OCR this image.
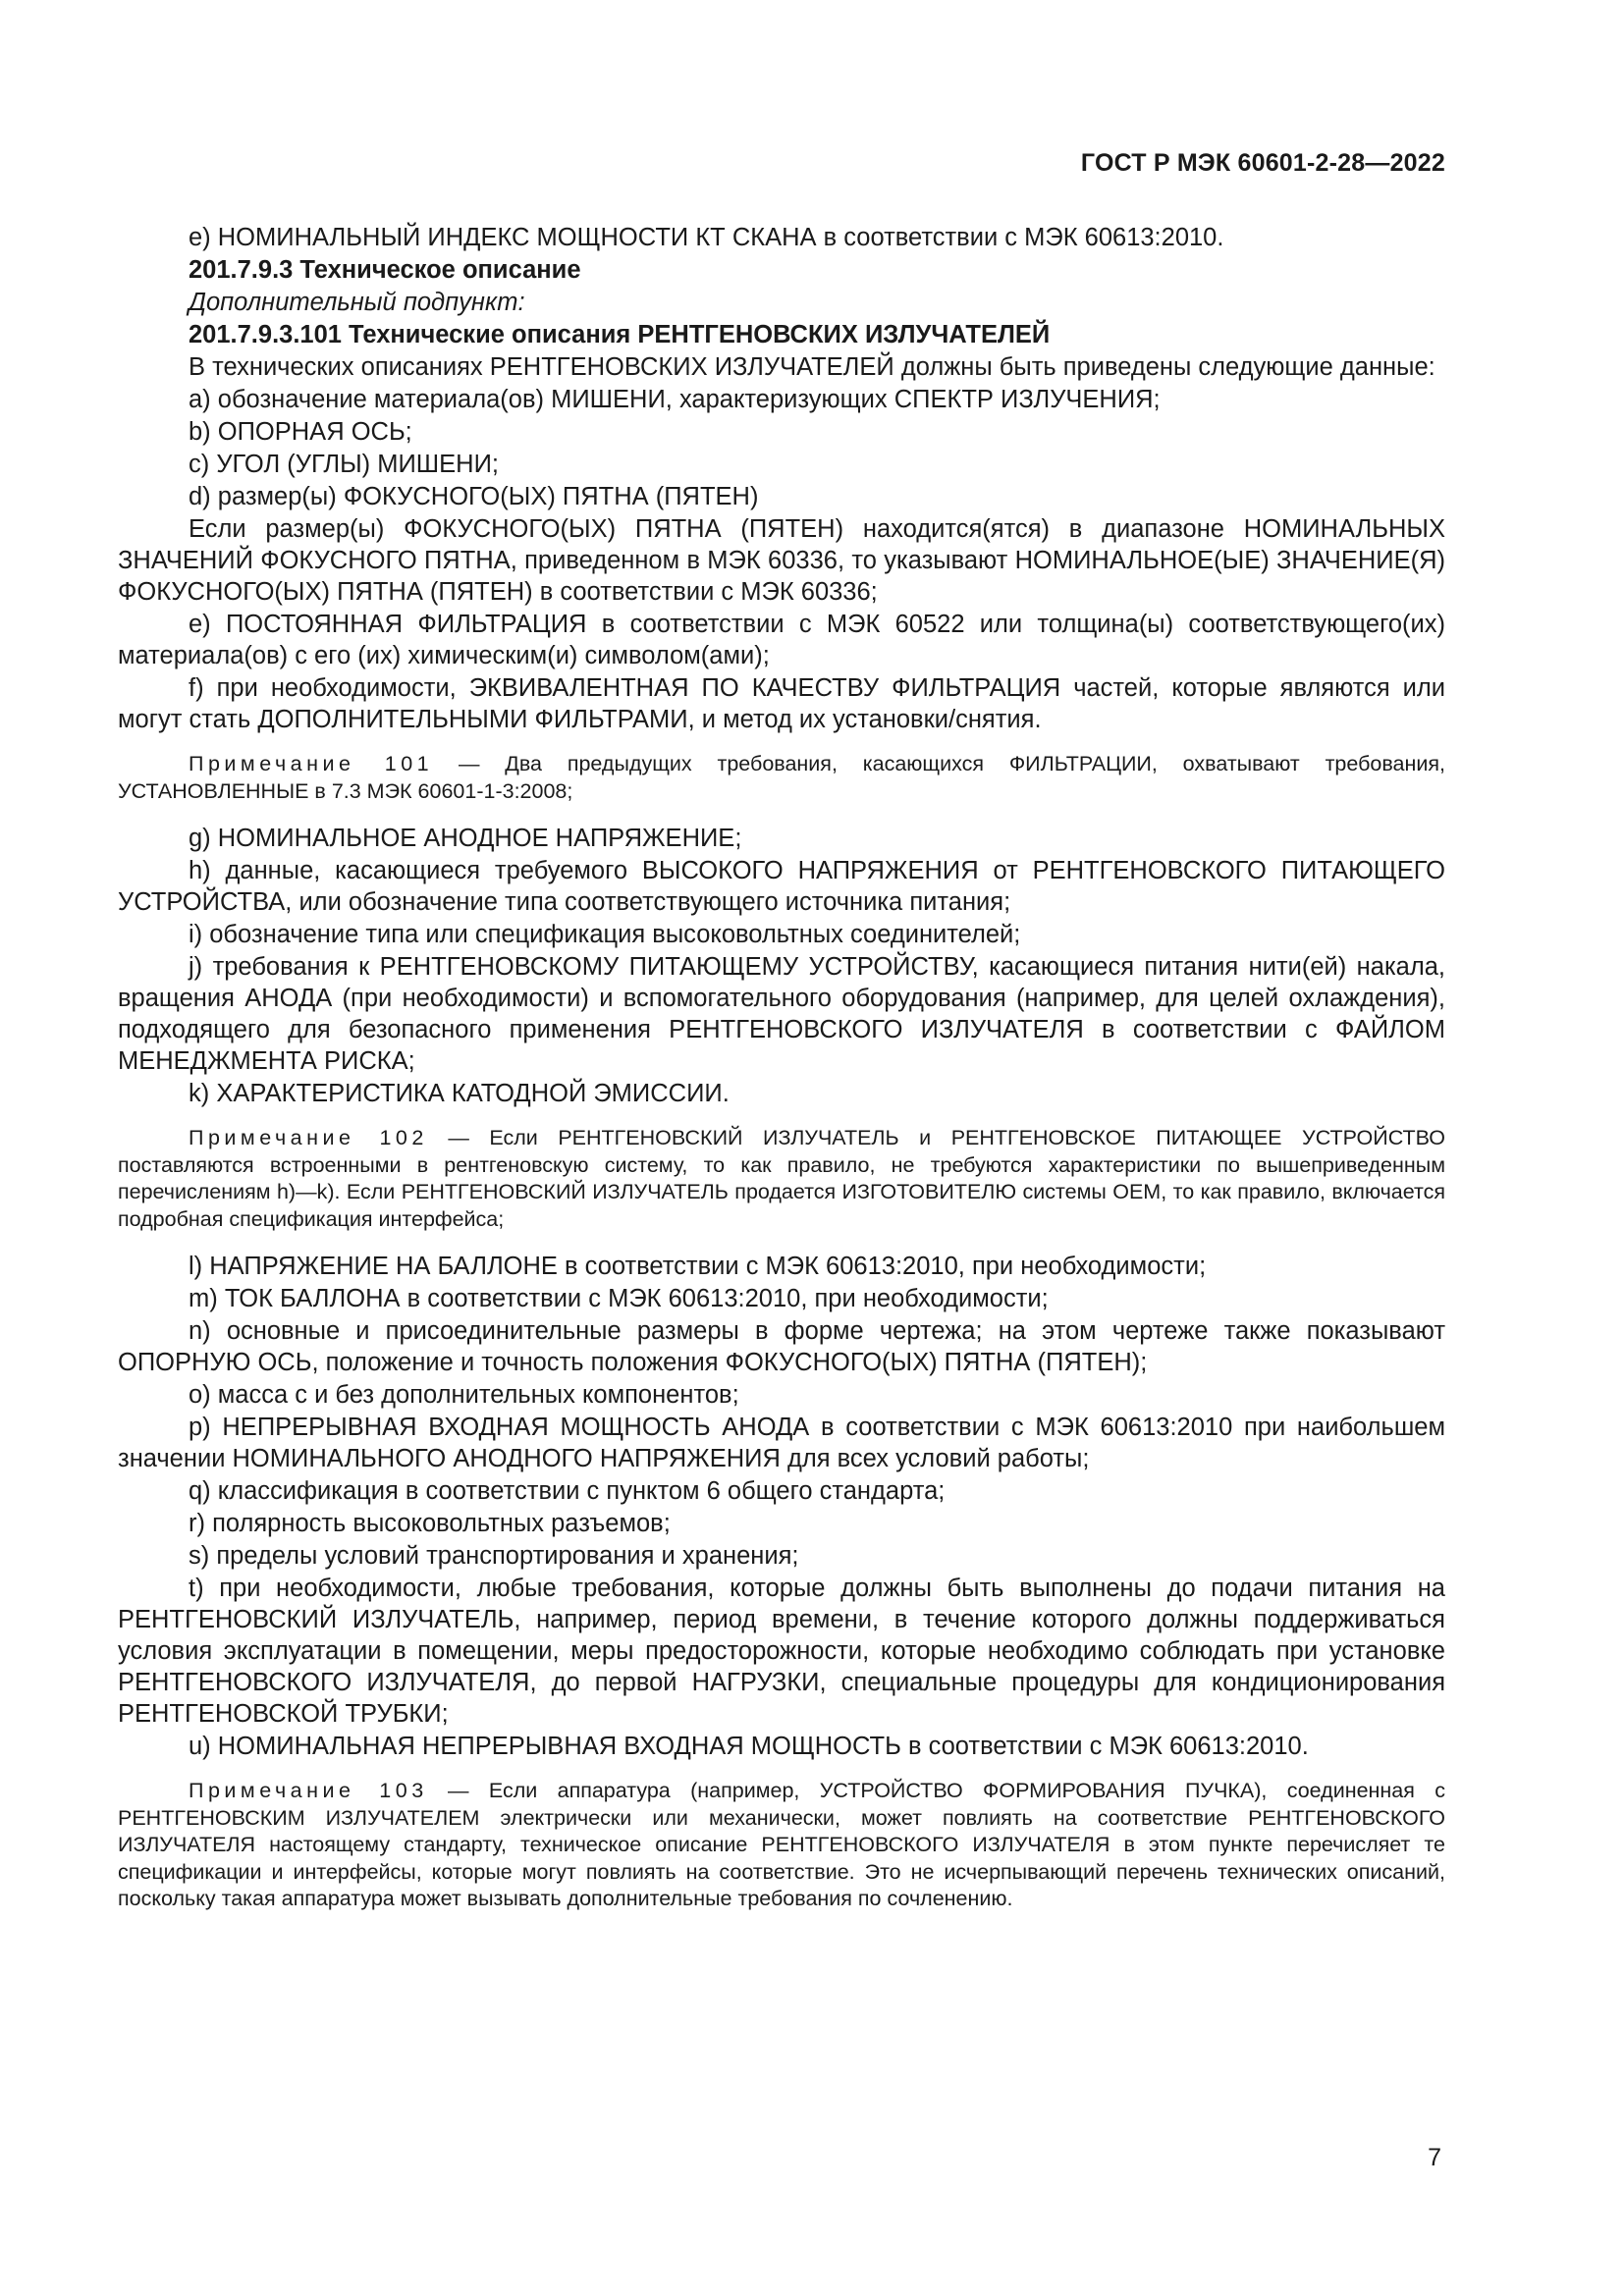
ГОСТ Р МЭК 60601-2-28—2022
e) НОМИНАЛЬНЫЙ ИНДЕКС МОЩНОСТИ КТ СКАНА в соответствии с МЭК 60613:2010.
201.7.9.3 Техническое описание
Дополнительный подпункт:
201.7.9.3.101 Технические описания РЕНТГЕНОВСКИХ ИЗЛУЧАТЕЛЕЙ
В технических описаниях РЕНТГЕНОВСКИХ ИЗЛУЧАТЕЛЕЙ должны быть приведены следующие данные:
a) обозначение материала(ов) МИШЕНИ, характеризующих СПЕКТР ИЗЛУЧЕНИЯ;
b) ОПОРНАЯ ОСЬ;
c) УГОЛ (УГЛЫ) МИШЕНИ;
d) размер(ы) ФОКУСНОГО(ЫХ) ПЯТНА (ПЯТЕН)
Если размер(ы) ФОКУСНОГО(ЫХ) ПЯТНА (ПЯТЕН) находится(ятся) в диапазоне НОМИНАЛЬНЫХ ЗНАЧЕНИЙ ФОКУСНОГО ПЯТНА, приведенном в МЭК 60336, то указывают НОМИНАЛЬНОЕ(ЫЕ) ЗНАЧЕНИЕ(Я) ФОКУСНОГО(ЫХ) ПЯТНА (ПЯТЕН) в соответствии с МЭК 60336;
e) ПОСТОЯННАЯ ФИЛЬТРАЦИЯ в соответствии с МЭК 60522 или толщина(ы) соответствующего(их) материала(ов) с его (их) химическим(и) символом(ами);
f) при необходимости, ЭКВИВАЛЕНТНАЯ ПО КАЧЕСТВУ ФИЛЬТРАЦИЯ частей, которые являются или могут стать ДОПОЛНИТЕЛЬНЫМИ ФИЛЬТРАМИ, и метод их установки/снятия.
Примечание 101 — Два предыдущих требования, касающихся ФИЛЬТРАЦИИ, охватывают требования, УСТАНОВЛЕННЫЕ в 7.3 МЭК 60601-1-3:2008;
g) НОМИНАЛЬНОЕ АНОДНОЕ НАПРЯЖЕНИЕ;
h) данные, касающиеся требуемого ВЫСОКОГО НАПРЯЖЕНИЯ от РЕНТГЕНОВСКОГО ПИТАЮЩЕГО УСТРОЙСТВА, или обозначение типа соответствующего источника питания;
i) обозначение типа или спецификация высоковольтных соединителей;
j) требования к РЕНТГЕНОВСКОМУ ПИТАЮЩЕМУ УСТРОЙСТВУ, касающиеся питания нити(ей) накала, вращения АНОДА (при необходимости) и вспомогательного оборудования (например, для целей охлаждения), подходящего для безопасного применения РЕНТГЕНОВСКОГО ИЗЛУЧАТЕЛЯ в соответствии с ФАЙЛОМ МЕНЕДЖМЕНТА РИСКА;
k) ХАРАКТЕРИСТИКА КАТОДНОЙ ЭМИССИИ.
Примечание 102 — Если РЕНТГЕНОВСКИЙ ИЗЛУЧАТЕЛЬ и РЕНТГЕНОВСКОЕ ПИТАЮЩЕЕ УСТРОЙСТВО поставляются встроенными в рентгеновскую систему, то как правило, не требуются характеристики по вышеприведенным перечислениям h)—k). Если РЕНТГЕНОВСКИЙ ИЗЛУЧАТЕЛЬ продается ИЗГОТОВИТЕЛЮ системы ОЕМ, то как правило, включается подробная спецификация интерфейса;
l) НАПРЯЖЕНИЕ НА БАЛЛОНЕ в соответствии с МЭК 60613:2010, при необходимости;
m) ТОК БАЛЛОНА в соответствии с МЭК 60613:2010, при необходимости;
n) основные и присоединительные размеры в форме чертежа; на этом чертеже также показывают ОПОРНУЮ ОСЬ, положение и точность положения ФОКУСНОГО(ЫХ) ПЯТНА (ПЯТЕН);
o) масса с и без дополнительных компонентов;
p) НЕПРЕРЫВНАЯ ВХОДНАЯ МОЩНОСТЬ АНОДА в соответствии с МЭК 60613:2010 при наибольшем значении НОМИНАЛЬНОГО АНОДНОГО НАПРЯЖЕНИЯ для всех условий работы;
q) классификация в соответствии с пунктом 6 общего стандарта;
r) полярность высоковольтных разъемов;
s) пределы условий транспортирования и хранения;
t) при необходимости, любые требования, которые должны быть выполнены до подачи питания на РЕНТГЕНОВСКИЙ ИЗЛУЧАТЕЛЬ, например, период времени, в течение которого должны поддерживаться условия эксплуатации в помещении, меры предосторожности, которые необходимо соблюдать при установке РЕНТГЕНОВСКОГО ИЗЛУЧАТЕЛЯ, до первой НАГРУЗКИ, специальные процедуры для кондиционирования РЕНТГЕНОВСКОЙ ТРУБКИ;
u) НОМИНАЛЬНАЯ НЕПРЕРЫВНАЯ ВХОДНАЯ МОЩНОСТЬ в соответствии с МЭК 60613:2010.
Примечание 103 — Если аппаратура (например, УСТРОЙСТВО ФОРМИРОВАНИЯ ПУЧКА), соединенная с РЕНТГЕНОВСКИМ ИЗЛУЧАТЕЛЕМ электрически или механически, может повлиять на соответствие РЕНТГЕНОВСКОГО ИЗЛУЧАТЕЛЯ настоящему стандарту, техническое описание РЕНТГЕНОВСКОГО ИЗЛУЧАТЕЛЯ в этом пункте перечисляет те спецификации и интерфейсы, которые могут повлиять на соответствие. Это не исчерпывающий перечень технических описаний, поскольку такая аппаратура может вызывать дополнительные требования по сочленению.
7
